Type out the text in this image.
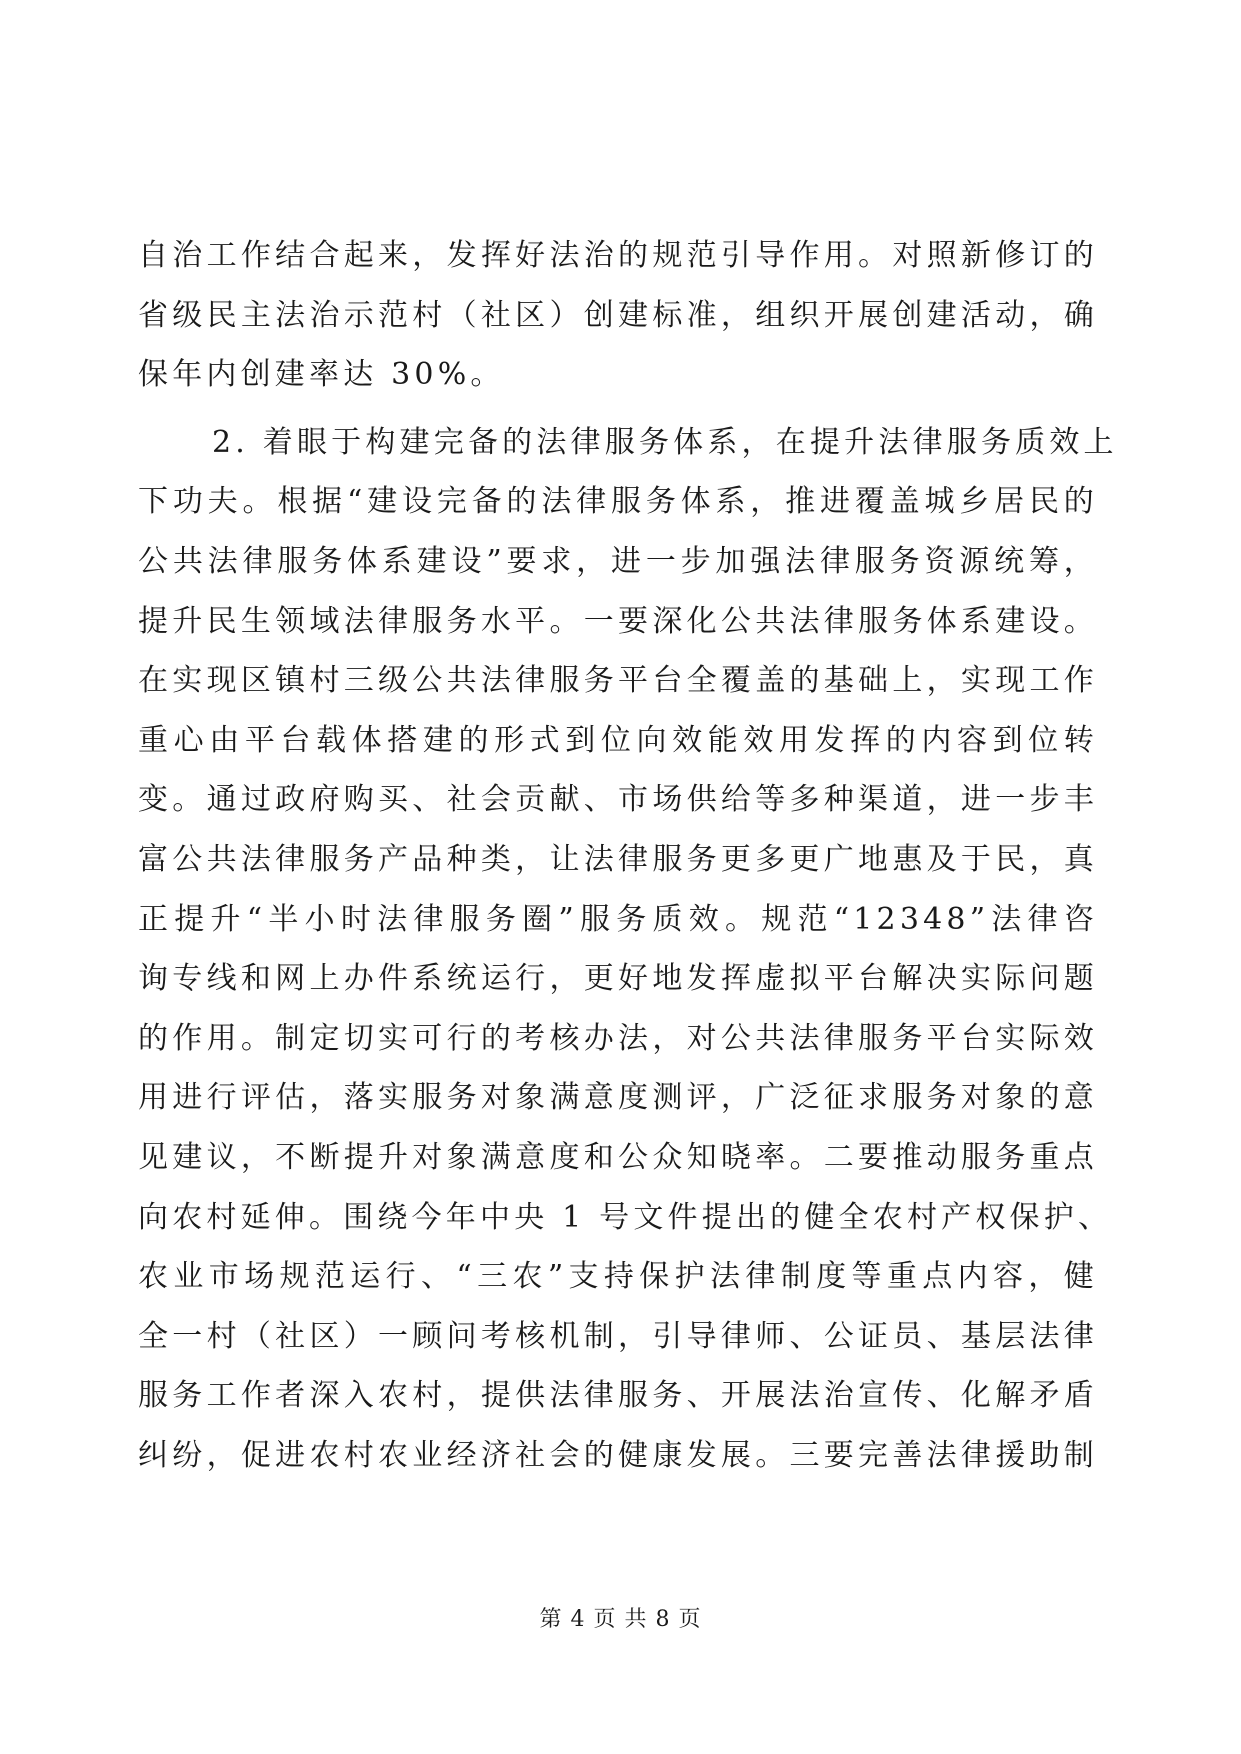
自治工作结合起来，发挥好法治的规范引导作用。对照新修订的
省级民主法治示范村（社区）创建标准，组织开展创建活动，确
保年内创建率达 30%。
2. 着眼于构建完备的法律服务体系，在提升法律服务质效上
下功夫。根据“建设完备的法律服务体系，推进覆盖城乡居民的
公共法律服务体系建设”要求，进一步加强法律服务资源统筹，
提升民生领域法律服务水平。一要深化公共法律服务体系建设。
在实现区镇村三级公共法律服务平台全覆盖的基础上，实现工作
重心由平台载体搭建的形式到位向效能效用发挥的内容到位转
变。通过政府购买、社会贡献、市场供给等多种渠道，进一步丰
富公共法律服务产品种类，让法律服务更多更广地惠及于民，真
正提升“半小时法律服务圈”服务质效。规范“12348”法律咨
询专线和网上办件系统运行，更好地发挥虚拟平台解决实际问题
的作用。制定切实可行的考核办法，对公共法律服务平台实际效
用进行评估，落实服务对象满意度测评，广泛征求服务对象的意
见建议，不断提升对象满意度和公众知晓率。二要推动服务重点
向农村延伸。围绕今年中央 1 号文件提出的健全农村产权保护、
农业市场规范运行、“三农”支持保护法律制度等重点内容，健
全一村（社区）一顾问考核机制，引导律师、公证员、基层法律
服务工作者深入农村，提供法律服务、开展法治宣传、化解矛盾
纠纷，促进农村农业经济社会的健康发展。三要完善法律援助制
第 4 页 共 8 页
